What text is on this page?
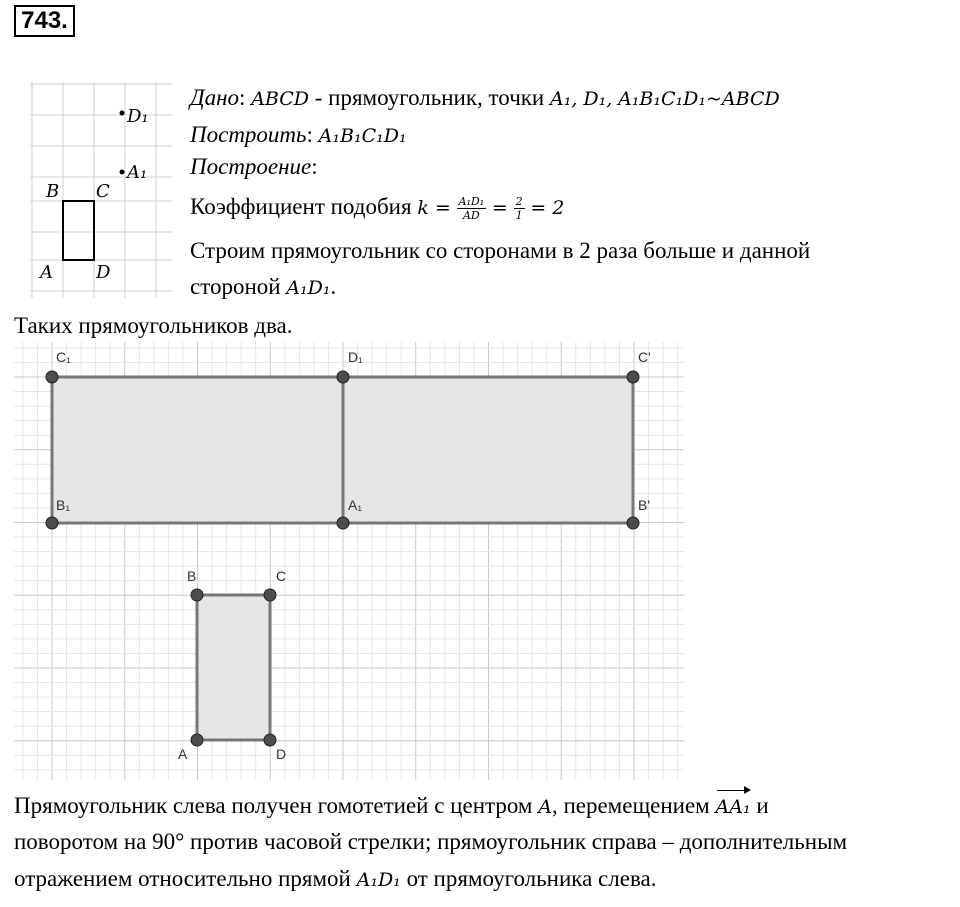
743.
D₁
A₁
B C
A D
Дано: ABCD - прямоугольник, точки A₁, D₁, A₁B₁C₁D₁~ABCD
Построить: A₁B₁C₁D₁
Построение:
Коэффициент подобия $k = \frac{\text{A₁D₁}}{AD} = \frac{2}{1} = 2$
Строим прямоугольник со сторонами в 2 раза больше и данной
стороной A₁D₁.
Таких прямоугольников два.
C₁	D₁	C'
B₁	A₁	B'
B	C
A	D
Прямоугольник слева получен гомотетией с центром A, перемещением AA₁ и
поворотом на 90° против часовой стрелки; прямоугольник справа – дополнительным
отражением относительно прямой A₁D₁ от прямоугольника слева.
